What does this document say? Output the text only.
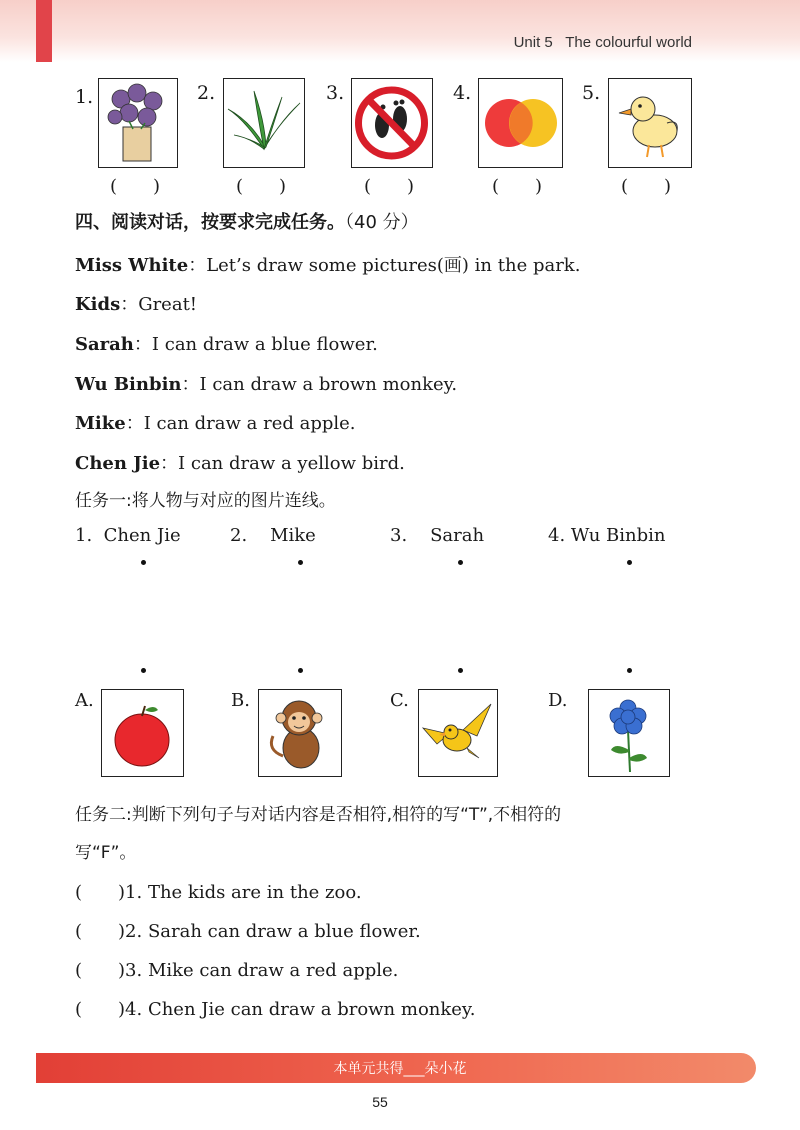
Unit 5 The colourful world
1.
(　　)
2.
(　　)
3.
(　　)
4.
(　　)
5.
(　　)
四、阅读对话，按要求完成任务。（40 分）
Miss White：Let’s draw some pictures(画) in the park.
Kids：Great!
Sarah：I can draw a blue flower.
Wu Binbin：I can draw a brown monkey.
Mike：I can draw a red apple.
Chen Jie：I can draw a yellow bird.
任务一:将人物与对应的图片连线。
1. Chen Jie	2. Mike	3. Sarah	4. Wu Binbin
A.	B.	C.	D.
任务二:判断下列句子与对话内容是否相符,相符的写“T”,不相符的
写“F”。
(　　)1. The kids are in the zoo.
(　　)2. Sarah can draw a blue flower.
(　　)3. Mike can draw a red apple.
(　　)4. Chen Jie can draw a brown monkey.
本单元共得___朵小花
55
